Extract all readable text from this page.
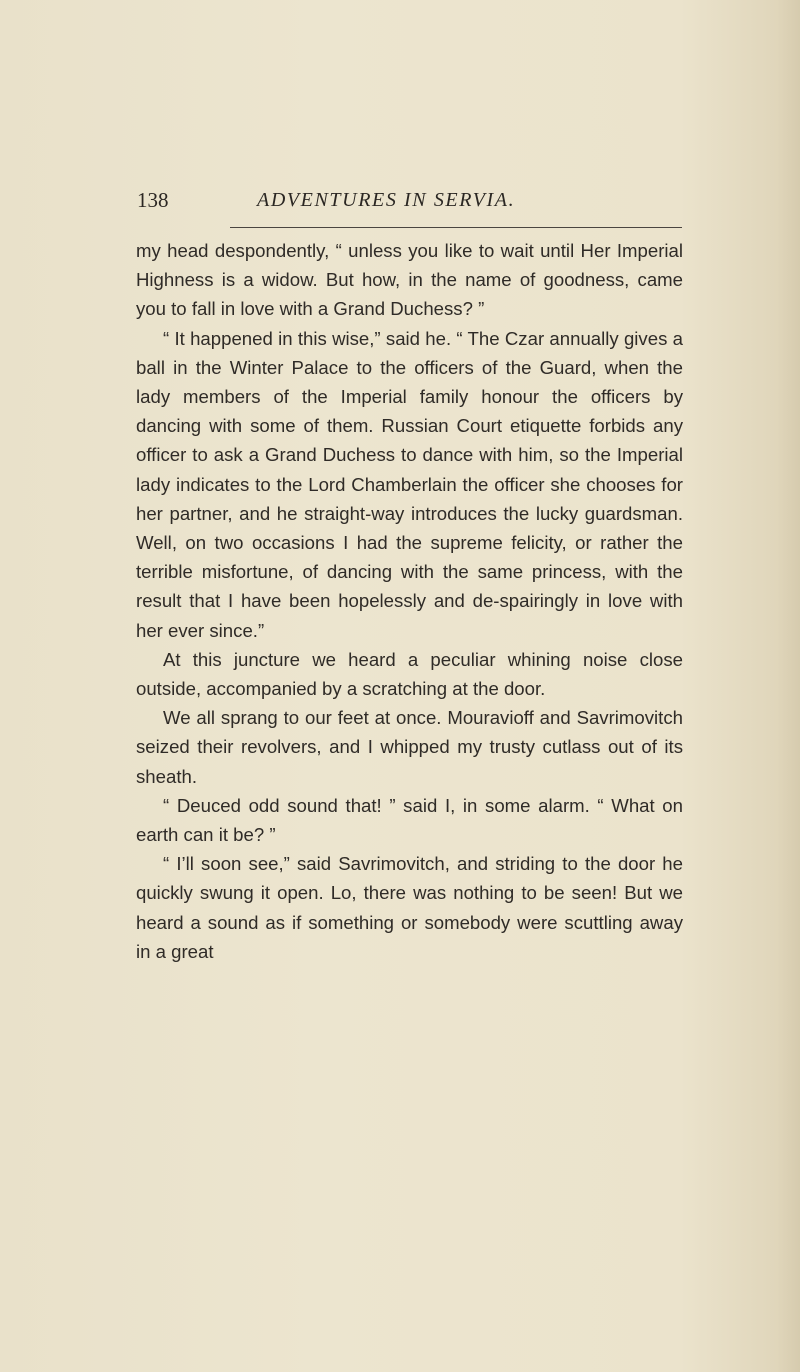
138	ADVENTURES IN SERVIA.

my head despondently, “ unless you like to wait until Her Imperial Highness is a widow. But how, in the name of goodness, came you to fall in love with a Grand Duchess? ”

“ It happened in this wise,” said he. “ The Czar annually gives a ball in the Winter Palace to the officers of the Guard, when the lady members of the Imperial family honour the officers by dancing with some of them. Russian Court etiquette forbids any officer to ask a Grand Duchess to dance with him, so the Imperial lady indicates to the Lord Chamberlain the officer she chooses for her partner, and he straight-way introduces the lucky guardsman. Well, on two occasions I had the supreme felicity, or rather the terrible misfortune, of dancing with the same princess, with the result that I have been hopelessly and de-spairingly in love with her ever since.”

At this juncture we heard a peculiar whining noise close outside, accompanied by a scratching at the door.

We all sprang to our feet at once. Mouravioff and Savrimovitch seized their revolvers, and I whipped my trusty cutlass out of its sheath.

“ Deuced odd sound that! ” said I, in some alarm. “ What on earth can it be? ”

“ I’ll soon see,” said Savrimovitch, and striding to the door he quickly swung it open. Lo, there was nothing to be seen! But we heard a sound as if something or somebody were scuttling away in a great
